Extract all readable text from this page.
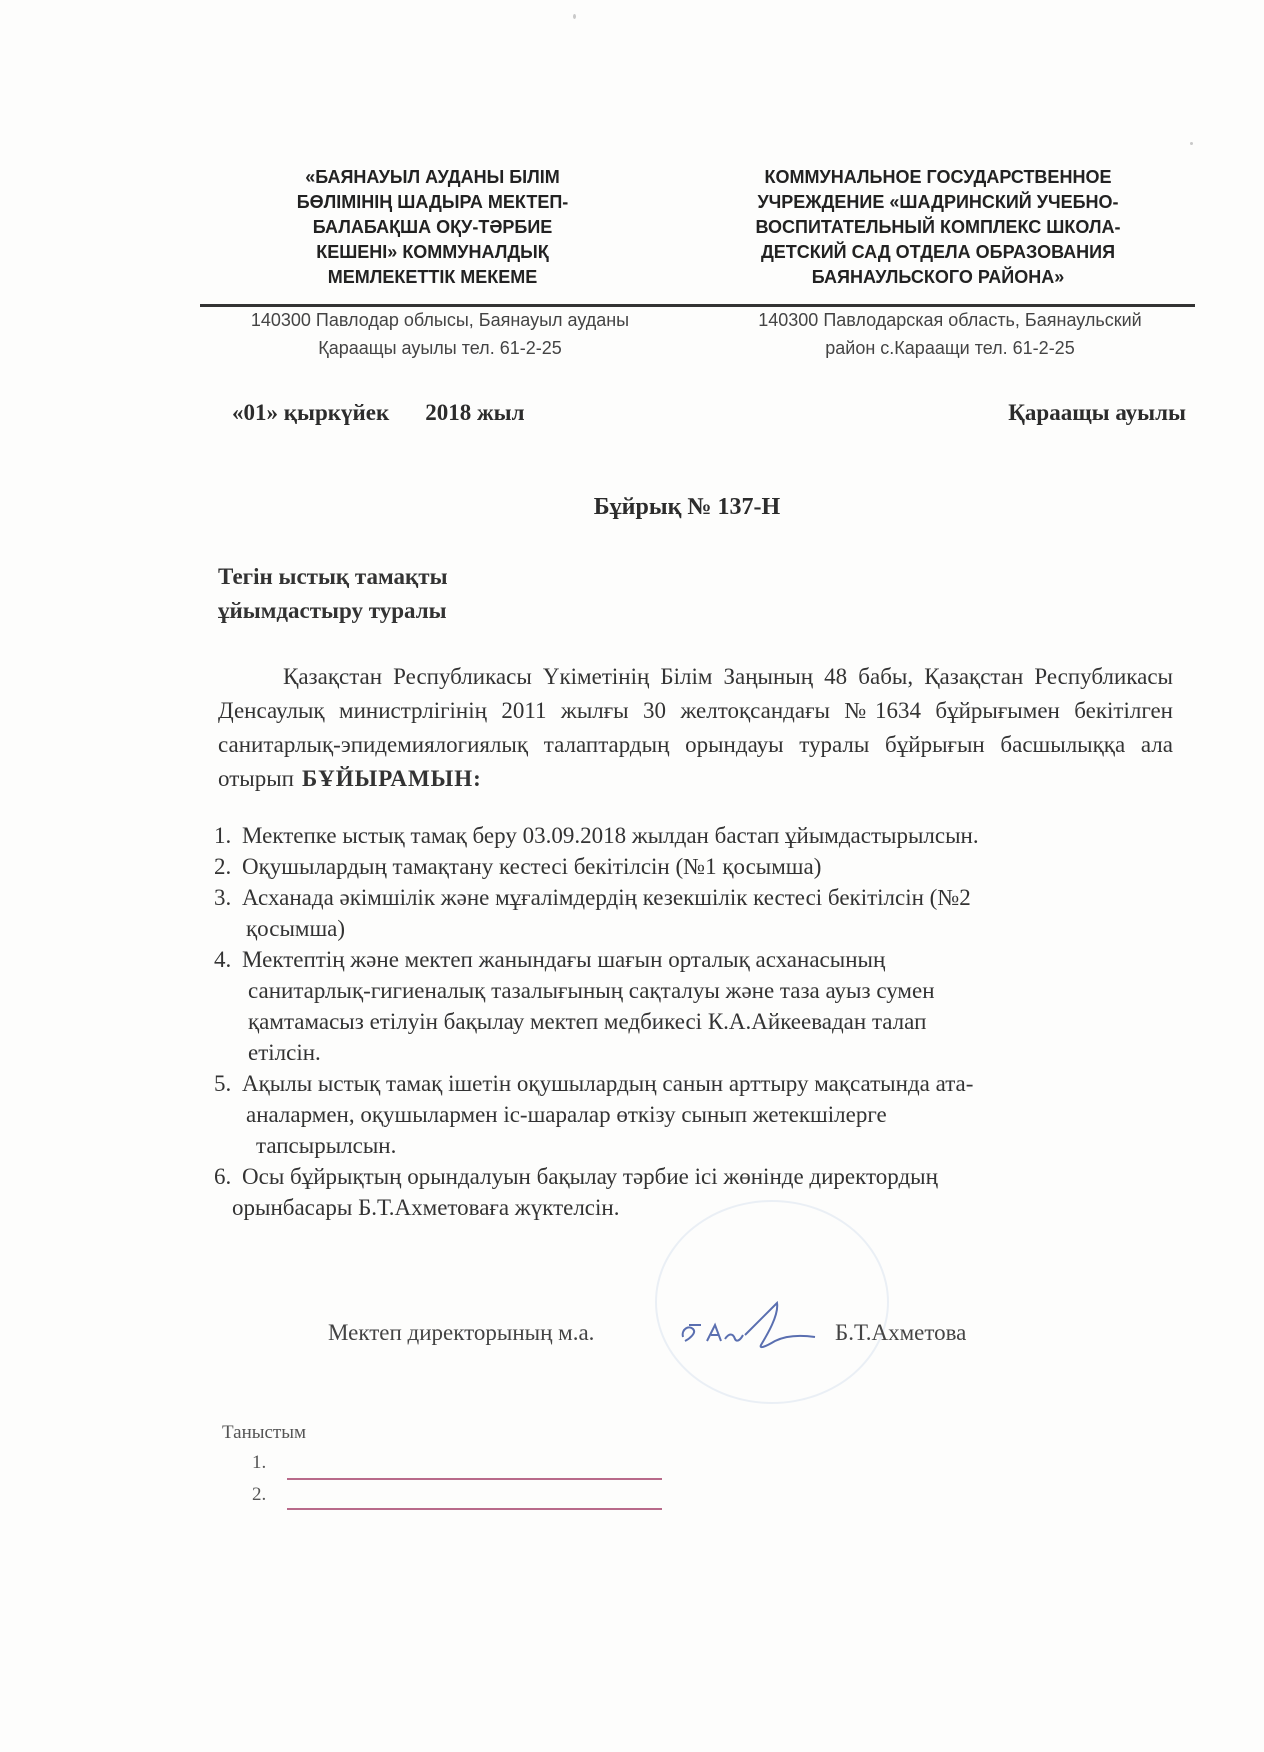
«БАЯНАУЫЛ АУДАНЫ БІЛІМ
БӨЛІМІНІҢ ШАДЫРА МЕКТЕП-
БАЛАБАҚША ОҚУ-ТӘРБИЕ
КЕШЕНІ» КОММУНАЛДЫҚ
МЕМЛЕКЕТТІК МЕКЕМЕ
КОММУНАЛЬНОЕ ГОСУДАРСТВЕННОЕ
УЧРЕЖДЕНИЕ «ШАДРИНСКИЙ УЧЕБНО-
ВОСПИТАТЕЛЬНЫЙ КОМПЛЕКС ШКОЛА-
ДЕТСКИЙ САД ОТДЕЛА ОБРАЗОВАНИЯ
БАЯНАУЛЬСКОГО РАЙОНА»
140300 Павлодар облысы, Баянауыл ауданы
Қараащы ауылы тел. 61-2-25
140300 Павлодарская область, Баянаульский
район с.Караащи тел. 61-2-25
«01» қыркүйек 2018 жыл	Қараащы ауылы
Бұйрық № 137-Н
Тегін ыстық тамақты
ұйымдастыру туралы
Қазақстан Республикасы Үкіметінің Білім Заңының 48 бабы, Қазақстан Республикасы Денсаулық министрлігінің 2011 жылғы 30 желтоқсандағы №1634 бұйрығымен бекітілген санитарлық-эпидемиялогиялық талаптардың орындауы туралы бұйрығын басшылыққа ала отырып БҰЙЫРАМЫН:
1. Мектепке ыстық тамақ беру 03.09.2018 жылдан бастап ұйымдастырылсын.
2. Оқушылардың тамақтану кестесі бекітілсін (№1 қосымша)
3. Асханада әкімшілік және мұғалімдердің кезекшілік кестесі бекітілсін (№2
қосымша)
4. Мектептің және мектеп жанындағы шағын орталық асханасының
санитарлық-гигиеналық тазалығының сақталуы және таза ауыз сумен
қамтамасыз етілуін бақылау мектеп медбикесі К.А.Айкеевадан талап
етілсін.
5. Ақылы ыстық тамақ ішетін оқушылардың санын арттыру мақсатында ата-
аналармен, оқушылармен іс-шаралар өткізу сынып жетекшілерге
тапсырылсын.
6. Осы бұйрықтың орындалуын бақылау тәрбие ісі жөнінде директордың
орынбасары Б.Т.Ахметоваға жүктелсін.
Мектеп директорының м.а.	Б.Т.Ахметова
Таныстым
1.
2.
